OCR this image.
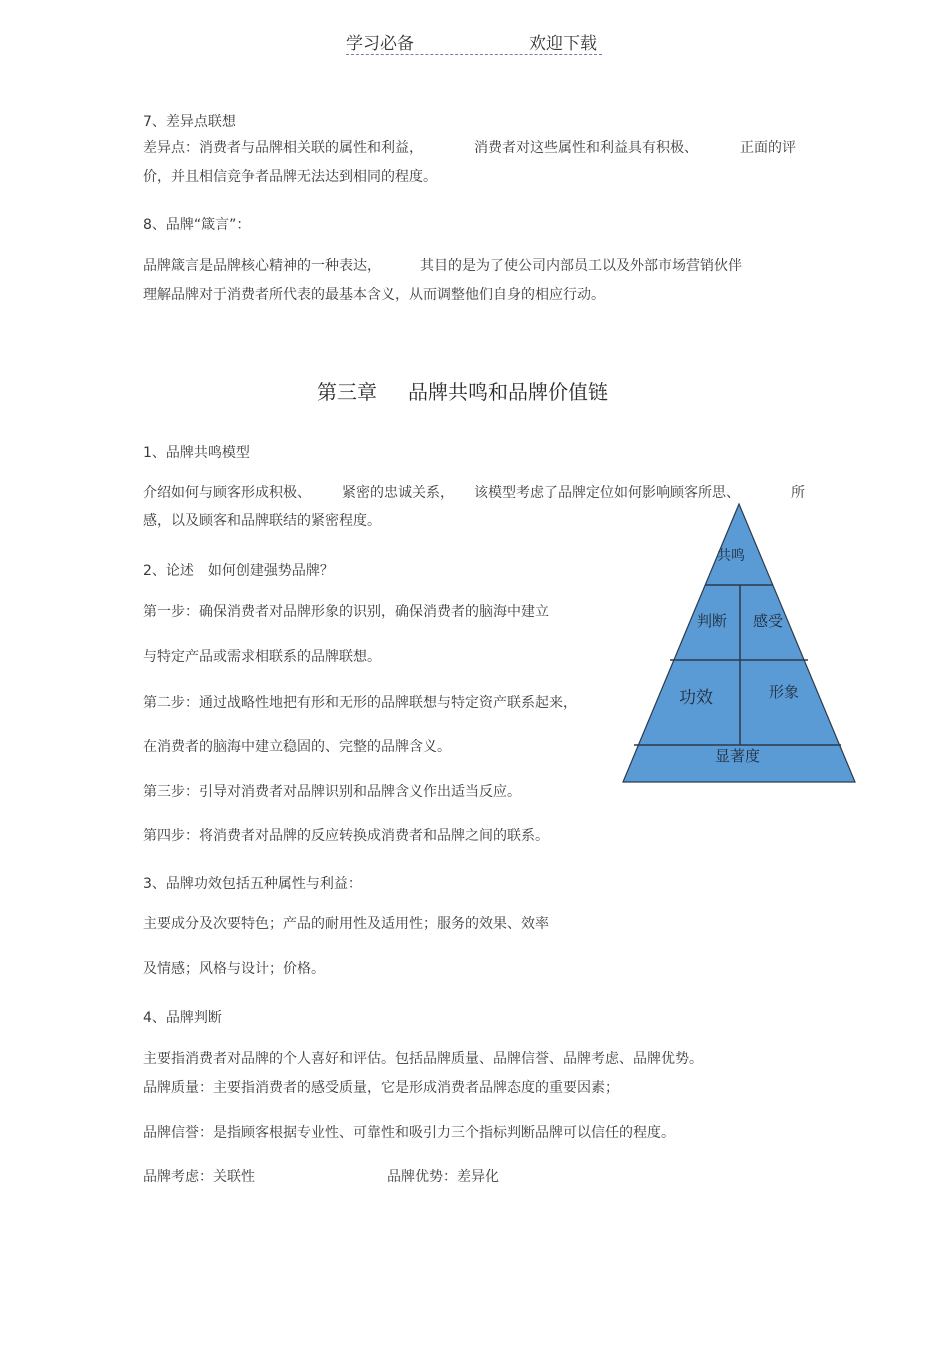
学习必备	欢迎下载
7、差异点联想
差异点：消费者与品牌相关联的属性和利益，	消费者对这些属性和利益具有积极、	正面的评
价，并且相信竞争者品牌无法达到相同的程度。
8、品牌“箴言”：
品牌箴言是品牌核心精神的一种表达，	其目的是为了使公司内部员工以及外部市场营销伙伴
理解品牌对于消费者所代表的最基本含义，从而调整他们自身的相应行动。
第三章 品牌共鸣和品牌价值链
1、品牌共鸣模型
介绍如何与顾客形成积极、 紧密的忠诚关系， 该模型考虑了品牌定位如何影响顾客所思、	所
感，以及顾客和品牌联结的紧密程度。
2、论述　如何创建强势品牌？
第一步：确保消费者对品牌形象的识别，确保消费者的脑海中建立
与特定产品或需求相联系的品牌联想。
第二步：通过战略性地把有形和无形的品牌联想与特定资产联系起来，
在消费者的脑海中建立稳固的、完整的品牌含义。
第三步：引导对消费者对品牌识别和品牌含义作出适当反应。
第四步：将消费者对品牌的反应转换成消费者和品牌之间的联系。
共鸣
判断 感受
功效	形象
显著度
3、品牌功效包括五种属性与利益：
主要成分及次要特色；产品的耐用性及适用性；服务的效果、效率
及情感；风格与设计；价格。
4、品牌判断
主要指消费者对品牌的个人喜好和评估。包括品牌质量、品牌信誉、品牌考虑、品牌优势。
品牌质量：主要指消费者的感受质量，它是形成消费者品牌态度的重要因素；
品牌信誉：是指顾客根据专业性、可靠性和吸引力三个指标判断品牌可以信任的程度。
品牌考虑：关联性	品牌优势：差异化
